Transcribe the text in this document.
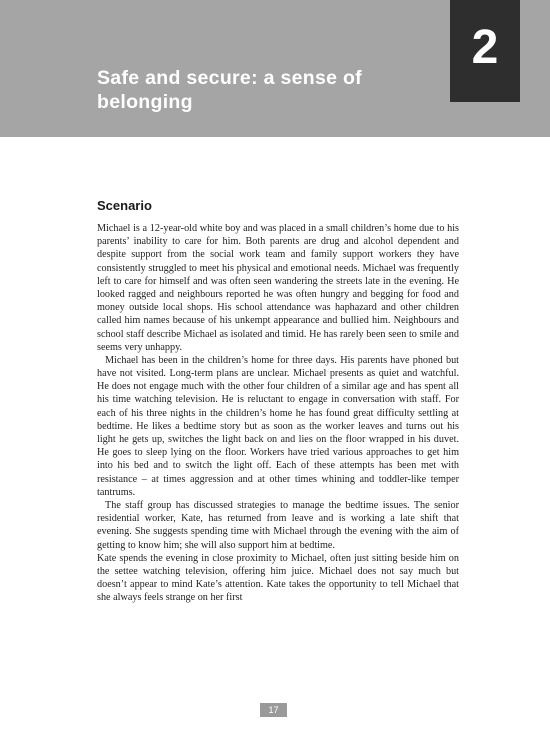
Safe and secure: a sense of belonging
2
Scenario

Michael is a 12-year-old white boy and was placed in a small children’s home due to his parents’ inability to care for him. Both parents are drug and alcohol dependent and despite support from the social work team and family support workers they have consistently struggled to meet his physical and emotional needs. Michael was frequently left to care for himself and was often seen wandering the streets late in the evening. He looked ragged and neighbours reported he was often hungry and begging for food and money outside local shops. His school attendance was haphazard and other children called him names because of his unkempt appearance and bullied him. Neighbours and school staff describe Michael as isolated and timid. He has rarely been seen to smile and seems very unhappy.

Michael has been in the children’s home for three days. His parents have phoned but have not visited. Long-term plans are unclear. Michael presents as quiet and watchful. He does not engage much with the other four children of a similar age and has spent all his time watching television. He is reluctant to engage in conversation with staff. For each of his three nights in the children’s home he has found great difficulty settling at bedtime. He likes a bedtime story but as soon as the worker leaves and turns out his light he gets up, switches the light back on and lies on the floor wrapped in his duvet. He goes to sleep lying on the floor. Workers have tried various approaches to get him into his bed and to switch the light off. Each of these attempts has been met with resistance – at times aggression and at other times whining and toddler-like temper tantrums.

The staff group has discussed strategies to manage the bedtime issues. The senior residential worker, Kate, has returned from leave and is working a late shift that evening. She suggests spending time with Michael through the evening with the aim of getting to know him; she will also support him at bedtime.

Kate spends the evening in close proximity to Michael, often just sitting beside him on the settee watching television, offering him juice. Michael does not say much but doesn’t appear to mind Kate’s attention. Kate takes the opportunity to tell Michael that she always feels strange on her first

17
